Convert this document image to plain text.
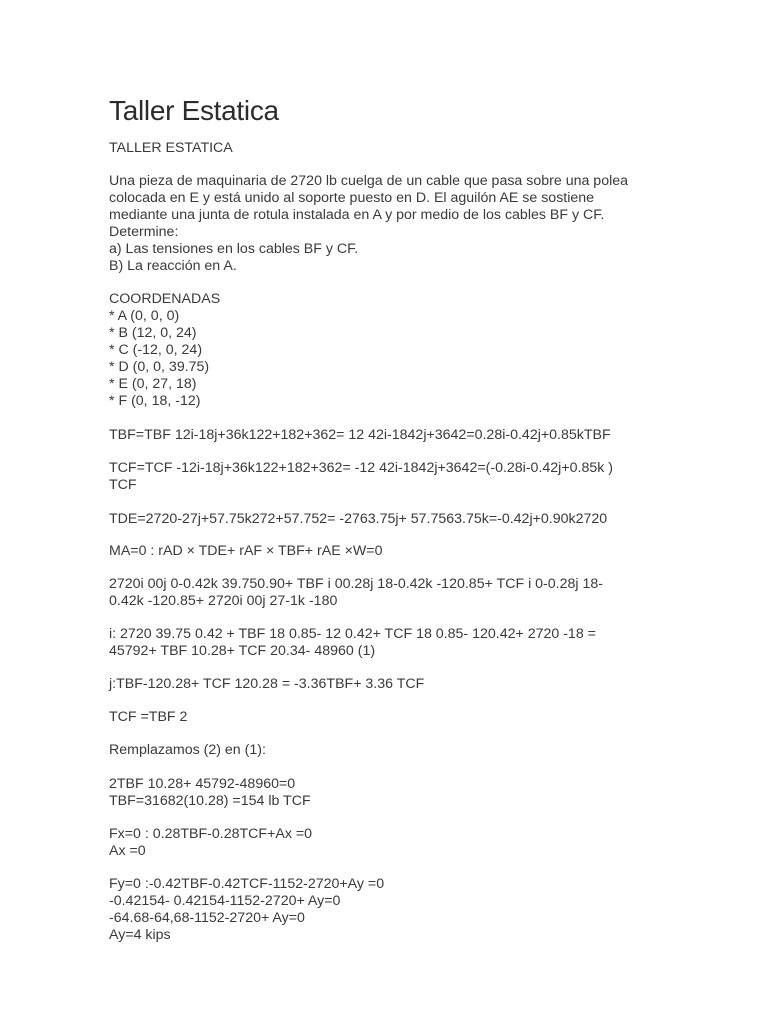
Taller Estatica

TALLER ESTATICA

Una pieza de maquinaria de 2720 lb cuelga de un cable que pasa sobre una polea

colocada en E y está unido al soporte puesto en D. El aguilón AE se sostiene

mediante una junta de rotula instalada en A y por medio de los cables BF y CF.

Determine:

a) Las tensiones en los cables BF y CF.

B) La reacción en A.

COORDENADAS

* A (0, 0, 0)

* B (12, 0, 24)

* C (-12, 0, 24)

* D (0, 0, 39.75)

* E (0, 27, 18)

* F (0, 18, -12)

TBF=TBF 12i-18j+36k122+182+362= 12 42i-1842j+3642=0.28i-0.42j+0.85kTBF

TCF=TCF -12i-18j+36k122+182+362= -12 42i-1842j+3642=(-0.28i-0.42j+0.85k )

TCF

TDE=2720-27j+57.75k272+57.752= -2763.75j+ 57.7563.75k=-0.42j+0.90k2720

MA=0 : rAD × TDE+ rAF × TBF+ rAE ×W=0

2720i 00j 0-0.42k 39.750.90+ TBF i 00.28j 18-0.42k -120.85+ TCF i 0-0.28j 18-

0.42k -120.85+ 2720i 00j 27-1k -180

i: 2720 39.75 0.42 + TBF 18 0.85- 12 0.42+ TCF 18 0.85- 120.42+ 2720 -18 =

45792+ TBF 10.28+ TCF 20.34- 48960 (1)

j:TBF-120.28+ TCF 120.28 = -3.36TBF+ 3.36 TCF

TCF =TBF 2

Remplazamos (2) en (1):

2TBF 10.28+ 45792-48960=0

TBF=31682(10.28) =154 lb TCF

Fx=0 : 0.28TBF-0.28TCF+Ax =0

Ax =0

Fy=0 :-0.42TBF-0.42TCF-1152-2720+Ay =0

-0.42154- 0.42154-1152-2720+ Ay=0

-64.68-64,68-1152-2720+ Ay=0

Ay=4 kips
